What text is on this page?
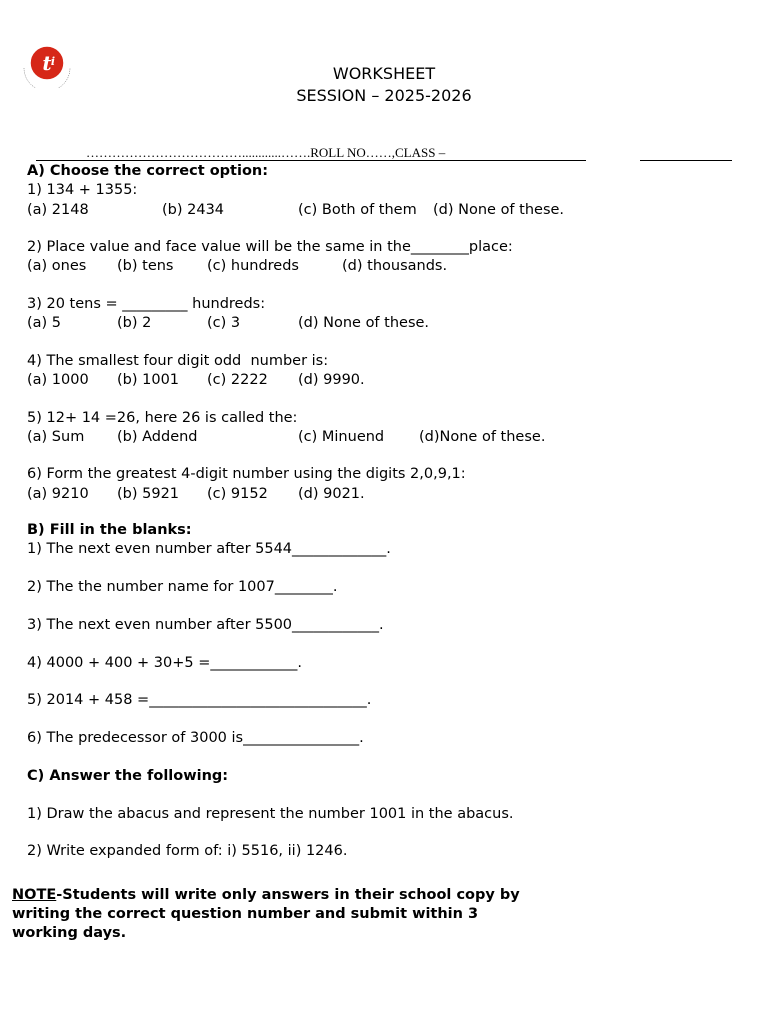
t i
WORKSHEET
SESSION – 2025-2026
………………………………............…….ROLL NO……,CLASS –
A) Choose the correct option:
1) 134 + 1355:
(a) 2148	(b) 2434	(c) Both of them (d) None of these.
2) Place value and face value will be the same in the________place:
(a) ones (b) tens (c) hundreds	(d) thousands.
3) 20 tens = _________ hundreds:
(a) 5	(b) 2	(c) 3	(d) None of these.
4) The smallest four digit odd  number is:
(a) 1000 (b) 1001 (c) 2222 (d) 9990.
5) 12+ 14 =26, here 26 is called the:
(a) Sum (b) Addend	(c) Minuend (d)None of these.
6) Form the greatest 4-digit number using the digits 2,0,9,1:
(a) 9210 (b) 5921 (c) 9152 (d) 9021.
B) Fill in the blanks:
1) The next even number after 5544_____________.
2) The the number name for 1007________.
3) The next even number after 5500____________.
4) 4000 + 400 + 30+5 =____________.
5) 2014 + 458 =______________________________.
6) The predecessor of 3000 is________________.
C) Answer the following:
1) Draw the abacus and represent the number 1001 in the abacus.
2) Write expanded form of: i) 5516, ii) 1246.
NOTE-Students will write only answers in their school copy by
writing the correct question number and submit within 3
working days.
